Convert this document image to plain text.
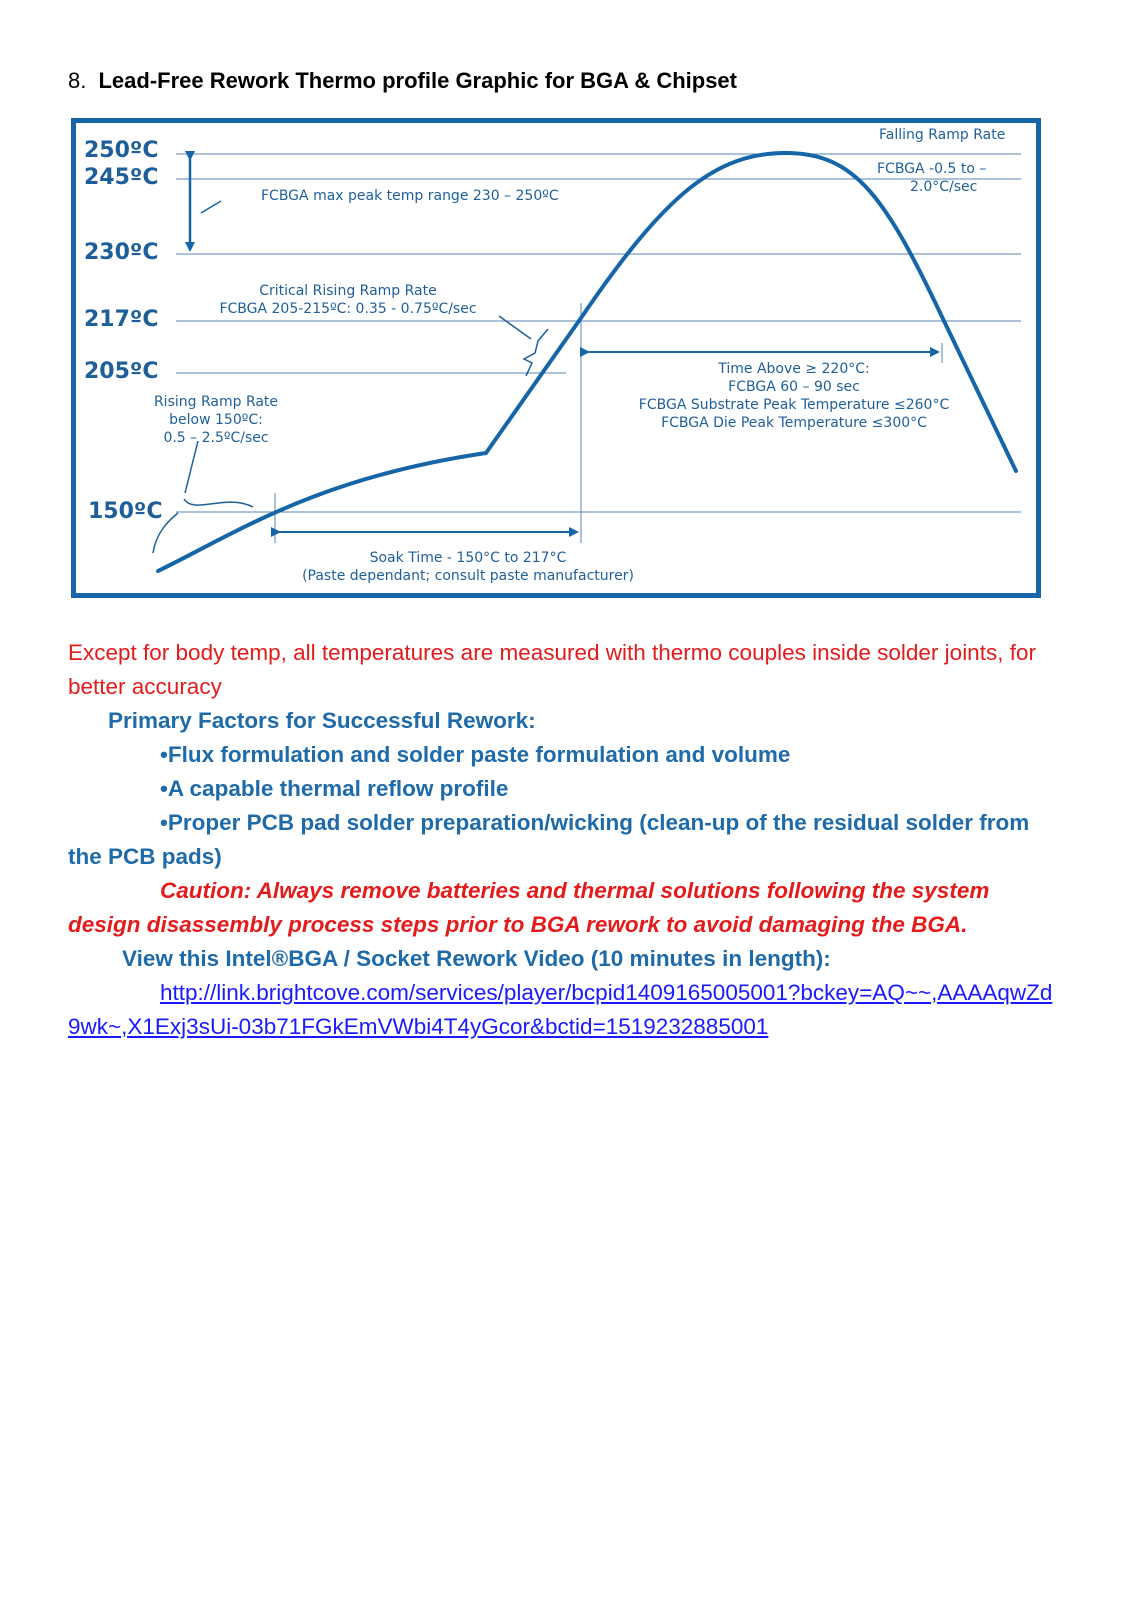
8. Lead-Free Rework Thermo profile Graphic for BGA & Chipset
250ºC
245ºC
230ºC
217ºC
205ºC
150ºC
Falling Ramp Rate
FCBGA -0.5 to –
2.0°C/sec
FCBGA max peak temp range 230 – 250ºC
Critical Rising Ramp Rate
FCBGA 205-215ºC: 0.35 - 0.75ºC/sec
Rising Ramp Rate
below 150ºC:
0.5 – 2.5ºC/sec
Time Above ≥ 220°C:
FCBGA 60 – 90 sec
FCBGA Substrate Peak Temperature ≤260°C
FCBGA Die Peak Temperature ≤300°C
Soak Time - 150°C to 217°C
(Paste dependant; consult paste manufacturer)
Except for body temp, all temperatures are measured with thermo couples inside solder joints, for better accuracy
Primary Factors for Successful Rework:
•Flux formulation and solder paste formulation and volume
•A capable thermal reflow profile
•Proper PCB pad solder preparation/wicking (clean-up of the residual solder from the PCB pads)
Caution: Always remove batteries and thermal solutions following the system design disassembly process steps prior to BGA rework to avoid damaging the BGA.
View this Intel®BGA / Socket Rework Video (10 minutes in length):
http://link.brightcove.com/services/player/bcpid1409165005001?bckey=AQ~~,AAAAqwZd9wk~,X1Exj3sUi-03b71FGkEmVWbi4T4yGcor&bctid=1519232885001
